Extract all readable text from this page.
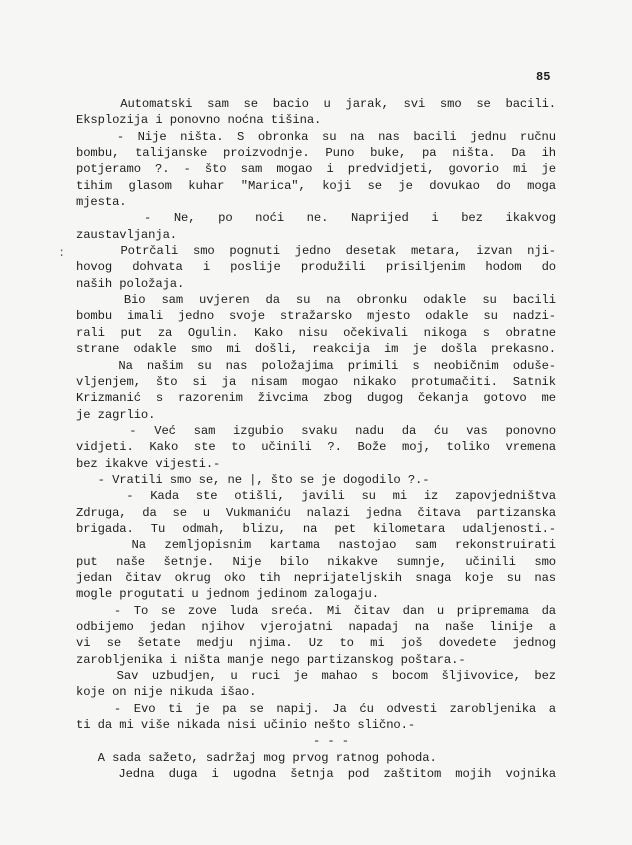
85
:
Automatski sam se bacio u jarak, svi smo se bacili.
Eksplozija i ponovno noćna tišina.
- Nije ništa. S obronka su na nas bacili jednu ručnu
bombu, talijanske proizvodnje. Puno buke, pa ništa. Da ih
potjeramo ?. - što sam mogao i predvidjeti, govorio mi je
tihim glasom kuhar "Marica", koji se je dovukao do moga
mjesta.
- Ne, po noći ne. Naprijed i bez ikakvog
zaustavljanja.
Potrčali smo pognuti jedno desetak metara, izvan nji-
hovog dohvata i poslije produžili prisiljenim hodom do
naših položaja.
Bio sam uvjeren da su na obronku odakle su bacili
bombu imali jedno svoje stražarsko mjesto odakle su nadzi-
rali put za Ogulin. Kako nisu očekivali nikoga s obratne
strane odakle smo mi došli, reakcija im je došla prekasno.
Na našim su nas položajima primili s neobičnim oduše-
vljenjem, što si ja nisam mogao nikako protumačiti. Satnik
Krizmanić s razorenim živcima zbog dugog čekanja gotovo me
je zagrlio.
- Već sam izgubio svaku nadu da ću vas ponovno
vidjeti. Kako ste to učinili ?. Bože moj, toliko vremena
bez ikakve vijesti.-
- Vratili smo se, ne |, što se je dogodilo ?.-
- Kada ste otišli, javili su mi iz zapovjedništva
Zdruga, da se u Vukmaniću nalazi jedna čitava partizanska
brigada. Tu odmah, blizu, na pet kilometara udaljenosti.-
Na zemljopisnim kartama nastojao sam rekonstruirati
put naše šetnje. Nije bilo nikakve sumnje, učinili smo
jedan čitav okrug oko tih neprijateljskih snaga koje su nas
mogle progutati u jednom jedinom zalogaju.
- To se zove luda sreća. Mi čitav dan u pripremama da
odbijemo jedan njihov vjerojatni napadaj na naše linije a
vi se šetate medju njima. Uz to mi još dovedete jednog
zarobljenika i ništa manje nego partizanskog poštara.-
Sav uzbudjen, u ruci je mahao s bocom šljivovice, bez
koje on nije nikuda išao.
- Evo ti je pa se napij. Ja ću odvesti zarobljenika a
ti da mi više nikada nisi učinio nešto slično.-
- - -
A sada sažeto, sadržaj mog prvog ratnog pohoda.
Jedna duga i ugodna šetnja pod zaštitom mojih vojnika
